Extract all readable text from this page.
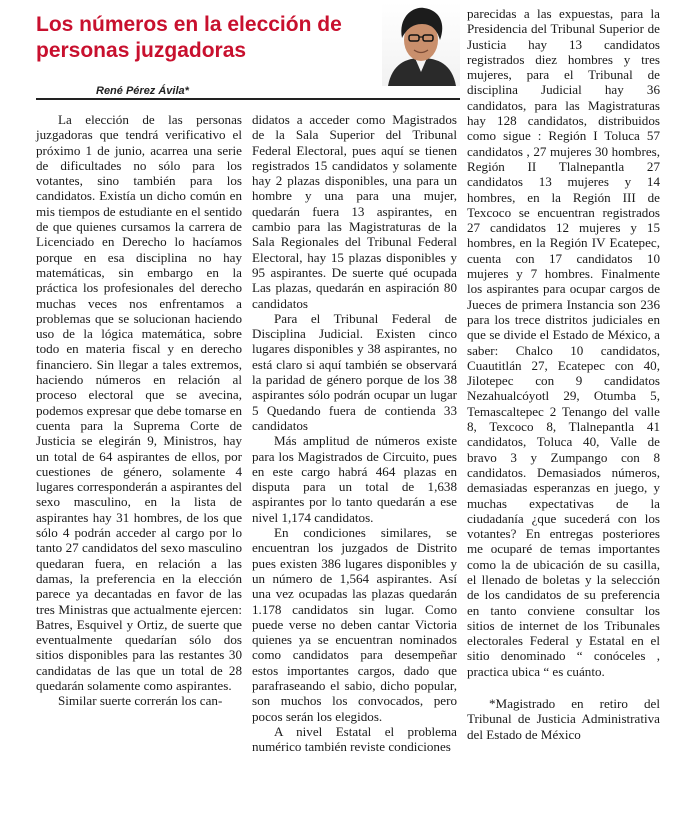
Los números en la elección de personas juzgadoras
René Pérez Ávila*

La elección de las personas juzgadoras que tendrá verificativo el próximo 1 de junio, acarrea una serie de dificultades no sólo para los votantes, sino también para los candidatos. Existía un dicho común en mis tiempos de estudiante en el sentido de que quienes cursamos la carrera de Licenciado en Derecho lo hacíamos porque en esa disciplina no hay matemáticas, sin embargo en la práctica los profesionales del derecho muchas veces nos enfrentamos a problemas que se solucionan haciendo uso de la lógica matemática, sobre todo en materia fiscal y en derecho financiero. Sin llegar a tales extremos, haciendo números en relación al proceso electoral que se avecina, podemos expresar que debe tomarse en cuenta para la Suprema Corte de Justicia se elegirán 9, Ministros, hay un total de 64 aspirantes de ellos, por cuestiones de género, solamente 4 lugares corresponderán a aspirantes del sexo masculino, en la lista de aspirantes hay 31 hombres, de los que sólo 4 podrán acceder al cargo por lo tanto 27 candidatos del sexo masculino quedaran fuera, en relación a las damas, la preferencia en la elección parece ya decantadas en favor de las tres Ministras que actualmente ejercen: Batres, Esquivel y Ortiz, de suerte que eventualmente quedarían sólo dos sitios disponibles para las restantes 30 candidatas de las que un total de 28 quedarán solamente como aspirantes.

Similar suerte correrán los can-

didatos a acceder como Magistrados de la Sala Superior del Tribunal Federal Electoral, pues aquí se tienen registrados 15 candidatos y solamente hay 2 plazas disponibles, una para un hombre y una para una mujer, quedarán fuera 13 aspirantes, en cambio para las Magistraturas de la Sala Regionales del Tribunal Federal Electoral, hay 15 plazas disponibles y 95 aspirantes. De suerte qué ocupada Las plazas, quedarán en aspiración 80 candidatos

Para el Tribunal Federal de Disciplina Judicial. Existen cinco lugares disponibles y 38 aspirantes, no está claro si aquí también se observará la paridad de género porque de los 38 aspirantes sólo podrán ocupar un lugar 5 Quedando fuera de contienda 33 candidatos

Más amplitud de números existe para los Magistrados de Circuito, pues en este cargo habrá 464 plazas en disputa para un total de 1,638 aspirantes por lo tanto quedarán a ese nivel 1,174 candidatos.

En condiciones similares, se encuentran los juzgados de Distrito pues existen 386 lugares disponibles y un número de 1,564 aspirantes. Así una vez ocupadas las plazas quedarán 1.178 candidatos sin lugar. Como puede verse no deben cantar Victoria quienes ya se encuentran nominados como candidatos para desempeñar estos importantes cargos, dado que parafraseando el sabio, dicho popular, son muchos los convocados, pero pocos serán los elegidos.

A nivel Estatal el problema numérico también reviste condiciones

parecidas a las expuestas, para la Presidencia del Tribunal Superior de Justicia hay 13 candidatos registrados diez hombres y tres mujeres, para el Tribunal de disciplina Judicial hay 36 candidatos, para las Magistraturas hay 128 candidatos, distribuidos como sigue : Región I Toluca 57 candidatos , 27 mujeres 30 hombres, Región II Tlalnepantla 27 candidatos 13 mujeres y 14 hombres, en la Región III de Texcoco se encuentran registrados 27 candidatos 12 mujeres y 15 hombres, en la Región IV Ecatepec, cuenta con 17 candidatos 10 mujeres y 7 hombres. Finalmente los aspirantes para ocupar cargos de Jueces de primera Instancia son 236 para los trece distritos judiciales en que se divide el Estado de México, a saber: Chalco 10 candidatos, Cuautitlán 27, Ecatepec con 40, Jilotepec con 9 candidatos Nezahualcóyotl 29, Otumba 5, Temascaltepec 2 Tenango del valle 8, Texcoco 8, Tlalnepantla 41 candidatos, Toluca 40, Valle de bravo 3 y Zumpango con 8 candidatos. Demasiados números, demasiadas esperanzas en juego, y muchas expectativas de la ciudadanía ¿que sucederá con los votantes? En entregas posteriores me ocuparé de temas importantes como la de ubicación de su casilla, el llenado de boletas y la selección de los candidatos de su preferencia en tanto conviene consultar los sitios de internet de los Tribunales electorales Federal y Estatal en el sitio denominado “ conóceles , practica ubica “ es cuánto.

*Magistrado en retiro del Tribunal de Justicia Administrativa del Estado de México
